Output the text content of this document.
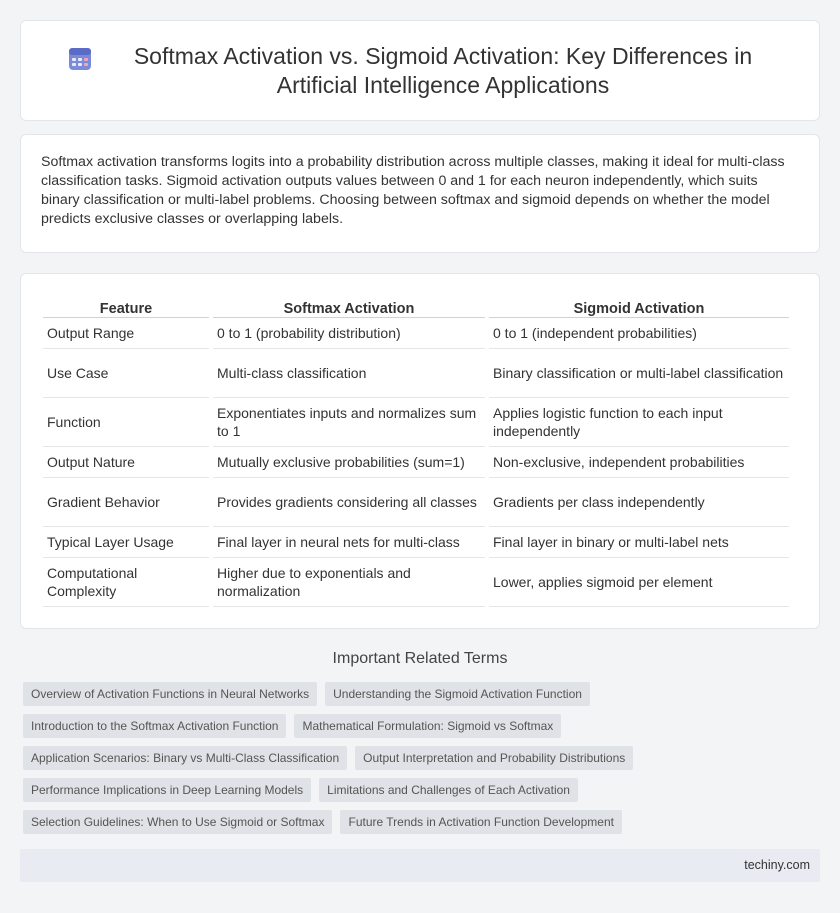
Softmax Activation vs. Sigmoid Activation: Key Differences in Artificial Intelligence Applications

Softmax activation transforms logits into a probability distribution across multiple classes, making it ideal for multi-class classification tasks. Sigmoid activation outputs values between 0 and 1 for each neuron independently, which suits binary classification or multi-label problems. Choosing between softmax and sigmoid depends on whether the model predicts exclusive classes or overlapping labels.

Feature	Softmax Activation	Sigmoid Activation
Output Range	0 to 1 (probability distribution)	0 to 1 (independent probabilities)
Use Case	Multi-class classification	Binary classification or multi-label classification
Function	Exponentiates inputs and normalizes sum to 1	Applies logistic function to each input independently
Output Nature	Mutually exclusive probabilities (sum=1)	Non-exclusive, independent probabilities
Gradient Behavior	Provides gradients considering all classes	Gradients per class independently
Typical Layer Usage	Final layer in neural nets for multi-class	Final layer in binary or multi-label nets
Computational Complexity	Higher due to exponentials and normalization	Lower, applies sigmoid per element
Important Related Terms
Overview of Activation Functions in Neural Networks	Understanding the Sigmoid Activation Function
Introduction to the Softmax Activation Function	Mathematical Formulation: Sigmoid vs Softmax
Application Scenarios: Binary vs Multi-Class Classification	Output Interpretation and Probability Distributions
Performance Implications in Deep Learning Models	Limitations and Challenges of Each Activation
Selection Guidelines: When to Use Sigmoid or Softmax	Future Trends in Activation Function Development
techiny.com
